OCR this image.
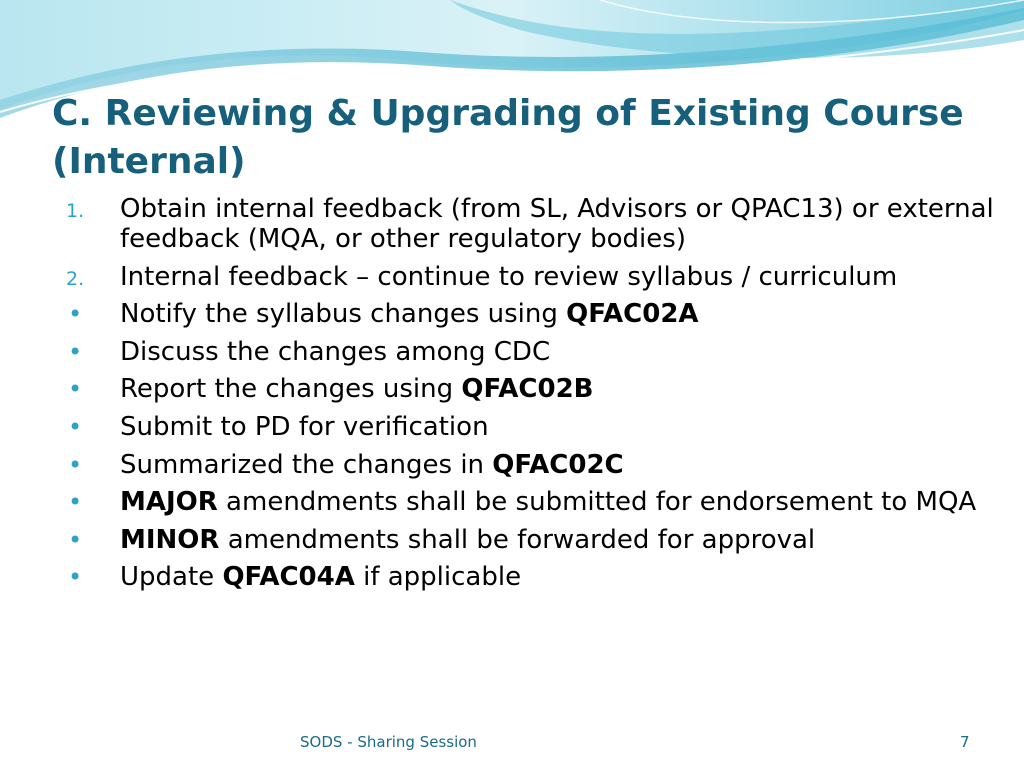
C. Reviewing & Upgrading of Existing Course (Internal)
1. Obtain internal feedback (from SL, Advisors or QPAC13) or external feedback (MQA, or other regulatory bodies)
2. Internal feedback – continue to review syllabus / curriculum
• Notify the syllabus changes using QFAC02A
• Discuss the changes among CDC
• Report the changes using QFAC02B
• Submit to PD for verification
• Summarized the changes in QFAC02C
• MAJOR amendments shall be submitted for endorsement to MQA
• MINOR amendments shall be forwarded for approval
• Update QFAC04A if applicable
SODS - Sharing Session	7
